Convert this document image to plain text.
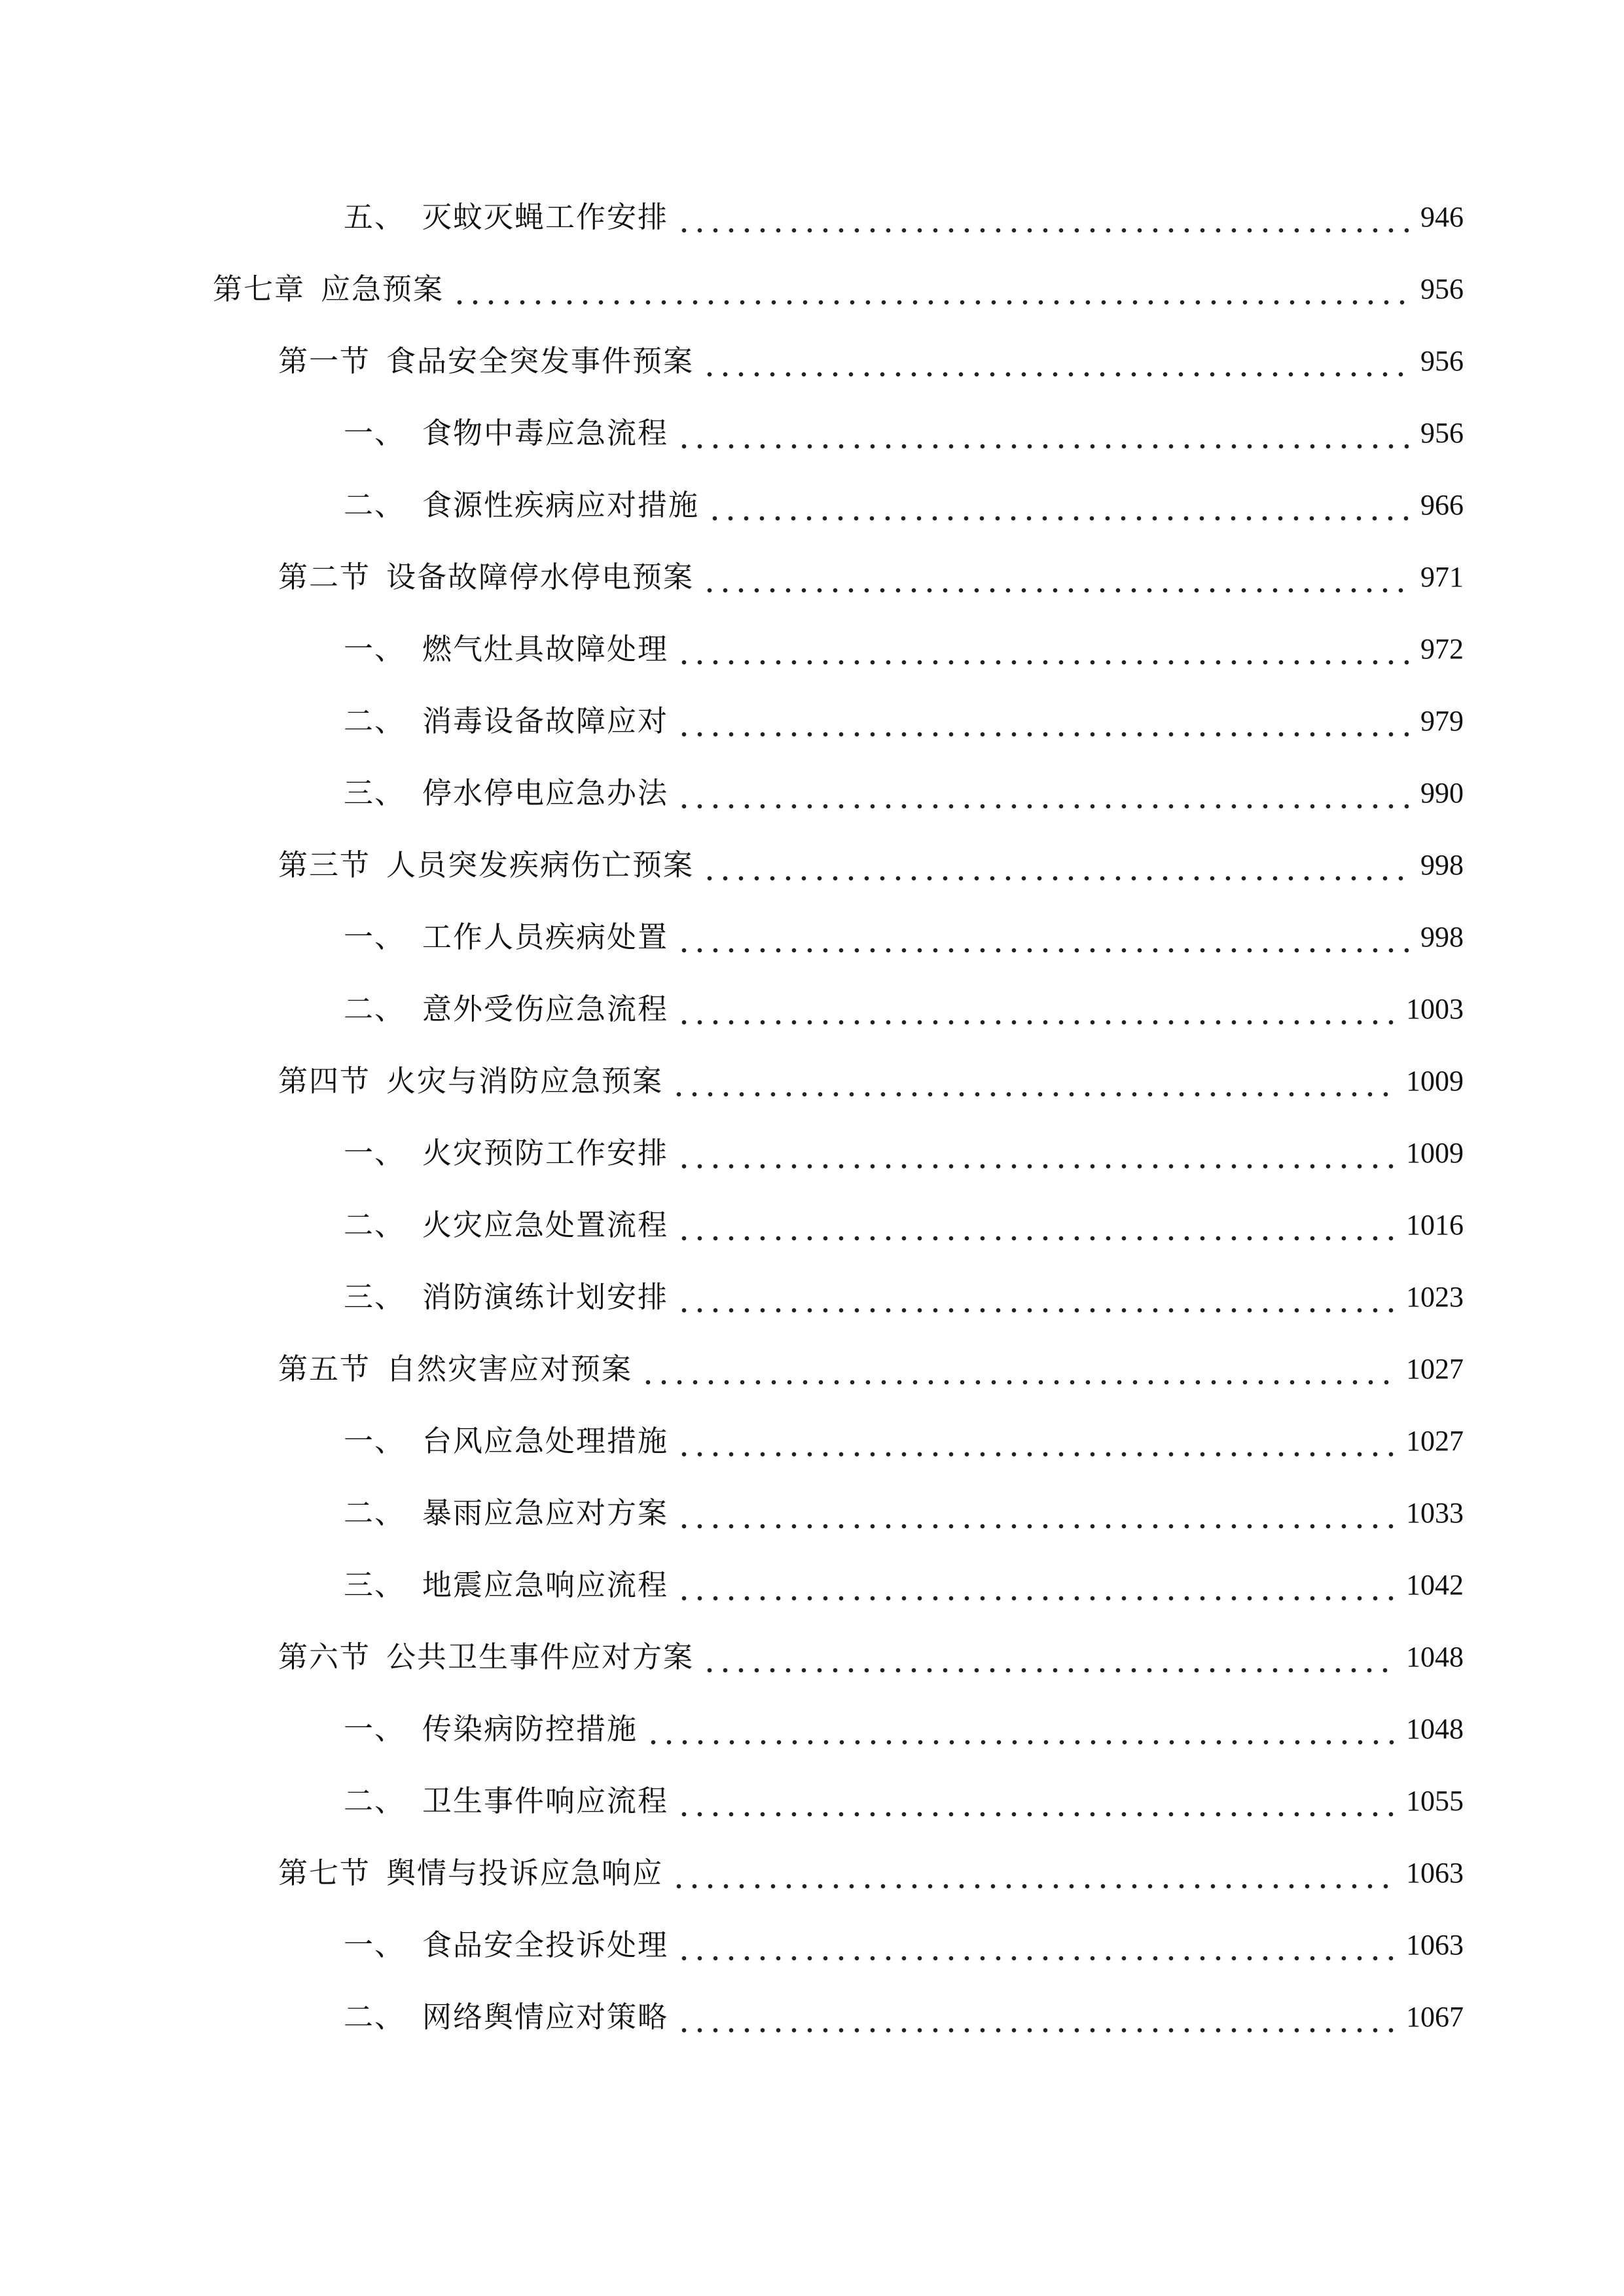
五、 灭蚊灭蝇工作安排	946
第七章 应急预案	956
第一节 食品安全突发事件预案	956
一、 食物中毒应急流程	956
二、 食源性疾病应对措施	966
第二节 设备故障停水停电预案	971
一、 燃气灶具故障处理	972
二、 消毒设备故障应对	979
三、 停水停电应急办法	990
第三节 人员突发疾病伤亡预案	998
一、 工作人员疾病处置	998
二、 意外受伤应急流程	1003
第四节 火灾与消防应急预案	1009
一、 火灾预防工作安排	1009
二、 火灾应急处置流程	1016
三、 消防演练计划安排	1023
第五节 自然灾害应对预案	1027
一、 台风应急处理措施	1027
二、 暴雨应急应对方案	1033
三、 地震应急响应流程	1042
第六节 公共卫生事件应对方案	1048
一、 传染病防控措施	1048
二、 卫生事件响应流程	1055
第七节 舆情与投诉应急响应	1063
一、 食品安全投诉处理	1063
二、 网络舆情应对策略	1067
